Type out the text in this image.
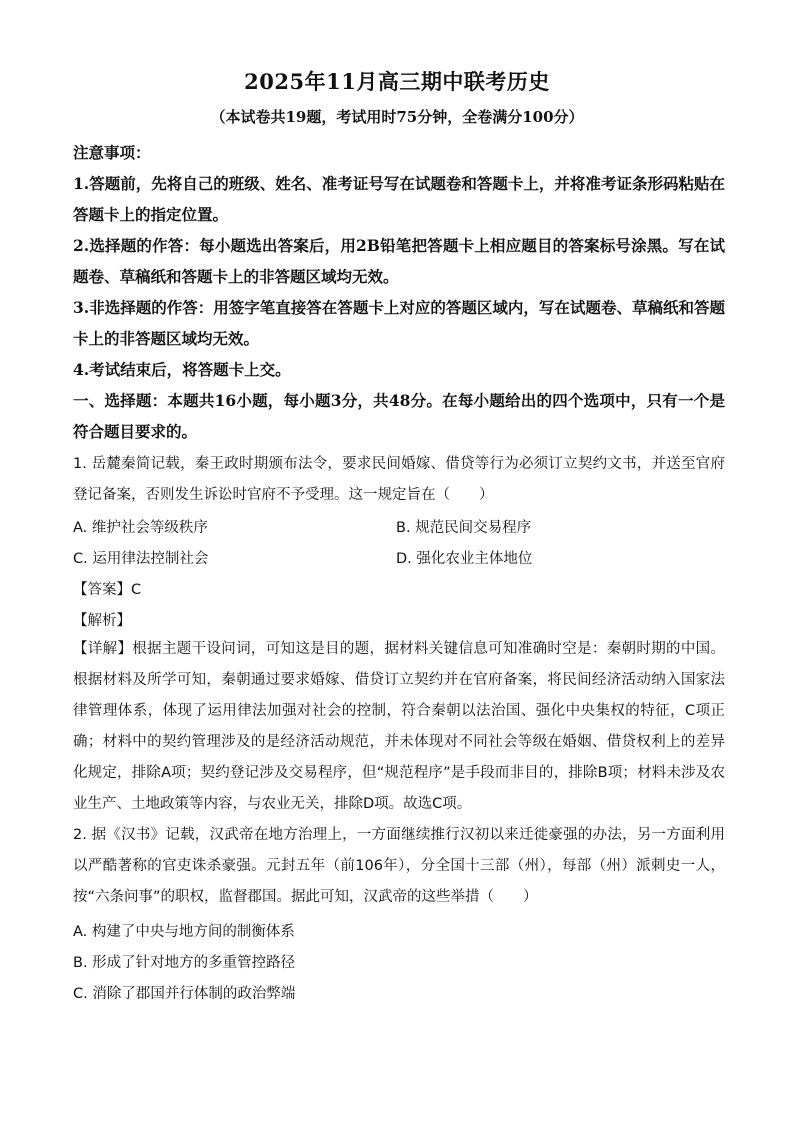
2025年11月高三期中联考历史
（本试卷共19题，考试用时75分钟，全卷满分100分）
注意事项：
1.答题前，先将自己的班级、姓名、准考证号写在试题卷和答题卡上，并将准考证条形码粘贴在答题卡上的指定位置。
2.选择题的作答：每小题选出答案后，用2B铅笔把答题卡上相应题目的答案标号涂黑。写在试题卷、草稿纸和答题卡上的非答题区域均无效。
3.非选择题的作答：用签字笔直接答在答题卡上对应的答题区域内，写在试题卷、草稿纸和答题卡上的非答题区域均无效。
4.考试结束后，将答题卡上交。
一、选择题：本题共16小题，每小题3分，共48分。在每小题给出的四个选项中，只有一个是符合题目要求的。
1. 岳麓秦简记载，秦王政时期颁布法令，要求民间婚嫁、借贷等行为必须订立契约文书，并送至官府登记备案，否则发生诉讼时官府不予受理。这一规定旨在（　　）
A. 维护社会等级秩序	B. 规范民间交易程序
C. 运用律法控制社会	D. 强化农业主体地位
【答案】C
【解析】
【详解】根据主题干设问词，可知这是目的题，据材料关键信息可知准确时空是：秦朝时期的中国。根据材料及所学可知，秦朝通过要求婚嫁、借贷订立契约并在官府备案，将民间经济活动纳入国家法律管理体系，体现了运用律法加强对社会的控制，符合秦朝以法治国、强化中央集权的特征，C项正确；材料中的契约管理涉及的是经济活动规范，并未体现对不同社会等级在婚姻、借贷权利上的差异化规定，排除A项；契约登记涉及交易程序，但“规范程序”是手段而非目的，排除B项；材料未涉及农业生产、土地政策等内容，与农业无关，排除D项。故选C项。
2. 据《汉书》记载，汉武帝在地方治理上，一方面继续推行汉初以来迁徙豪强的办法，另一方面利用以严酷著称的官吏诛杀豪强。元封五年（前106年），分全国十三部（州），每部（州）派刺史一人，按“六条问事”的职权，监督郡国。据此可知，汉武帝的这些举措（　　）
A. 构建了中央与地方间的制衡体系
B. 形成了针对地方的多重管控路径
C. 消除了郡国并行体制的政治弊端
